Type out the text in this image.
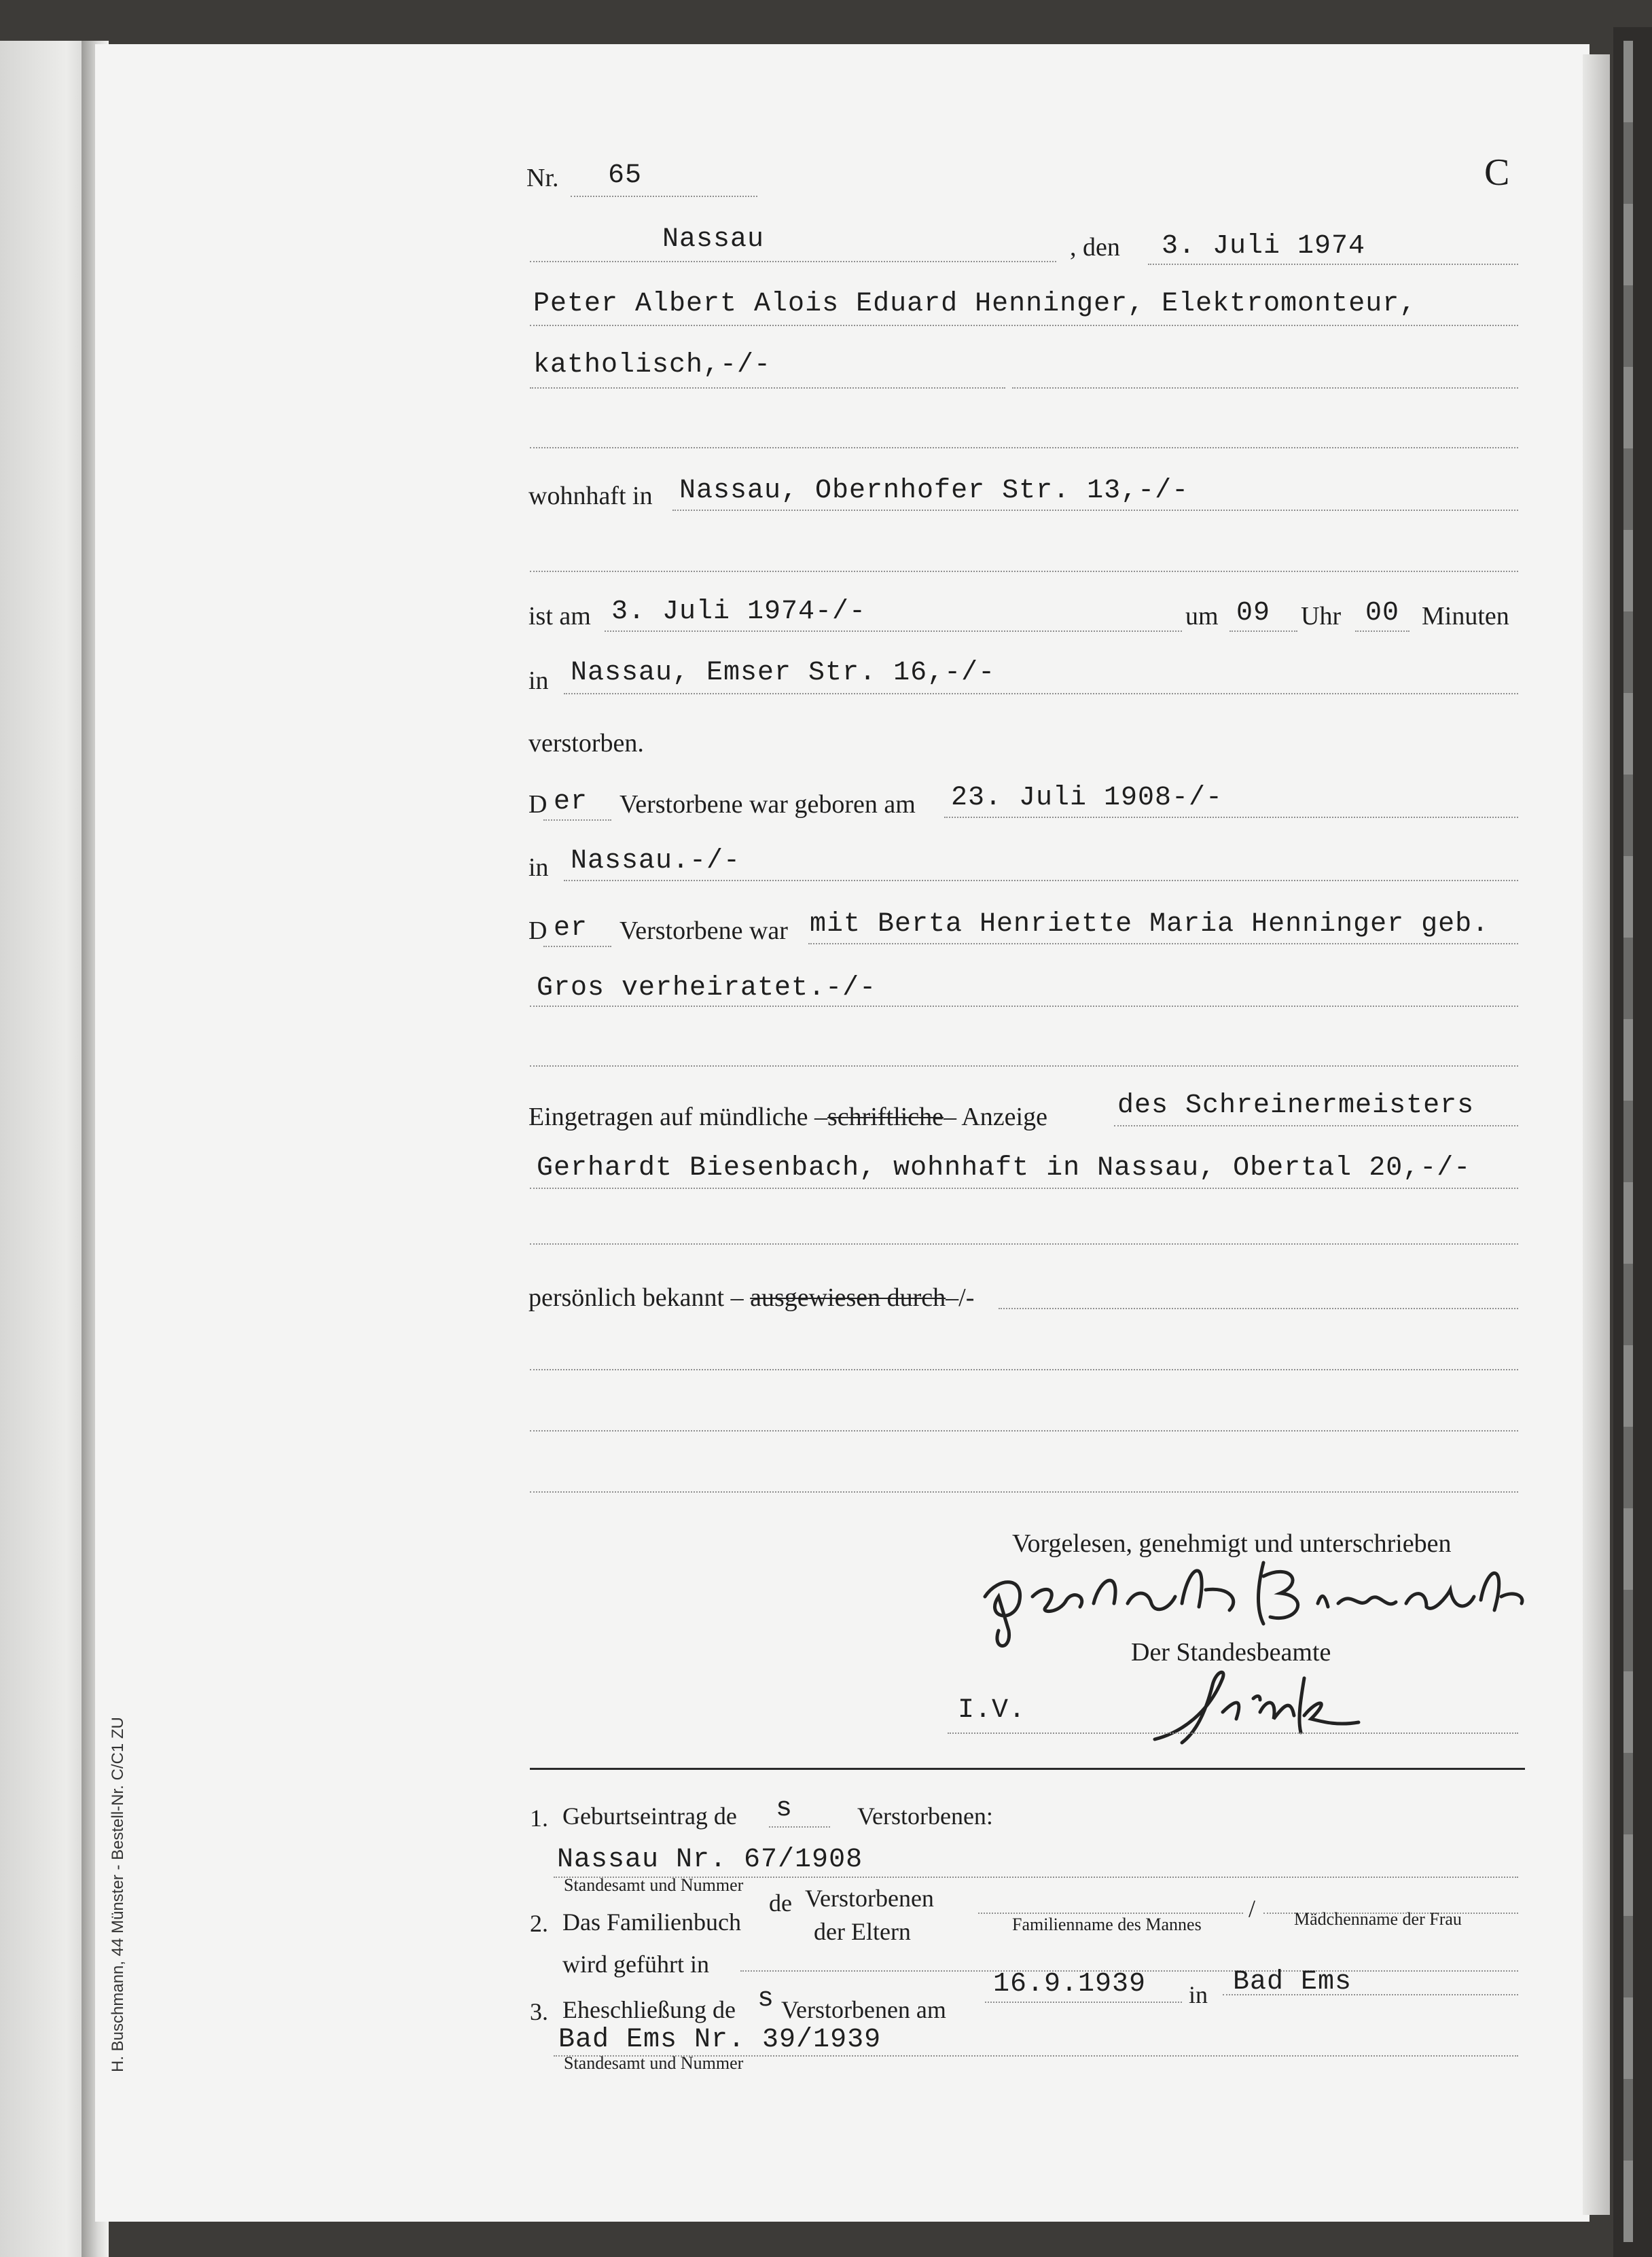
H. Buschmann, 44 Münster - Bestell-Nr. C/C1 ZU
Nr. 65	C
Nassau	, den 3. Juli 1974
Peter Albert Alois Eduard Henninger, Elektromonteur,
katholisch,-/-
wohnhaft in Nassau, Obernhofer Str. 13,-/-
ist am 3. Juli 1974-/-	um 09 Uhr 00 Minuten
in Nassau, Emser Str. 16,-/-
verstorben.
D er Verstorbene war geboren am 23. Juli 1908-/-
in Nassau.-/-
D er Verstorbene war mit Berta Henriette Maria Henninger geb.
Gros verheiratet.-/-
Eingetragen auf mündliche –schriftliche– Anzeige	des Schreinermeisters
Gerhardt Biesenbach, wohnhaft in Nassau, Obertal 20,-/-
persönlich bekannt – ausgewiesen durch–/-
Vorgelesen, genehmigt und unterschrieben
Der Standesbeamte
I.V.
1. Geburtseintrag de s	Verstorbenen:
Nassau Nr. 67/1908
Standesamt und Nummer
2. Das Familienbuch
de Verstorbenen
der Eltern
/
Familienname des Mannes	Mädchenname der Frau
wird geführt in
3. Eheschließung de s Verstorbenen am
16.9.1939 in Bad Ems
Bad Ems Nr. 39/1939
Standesamt und Nummer
